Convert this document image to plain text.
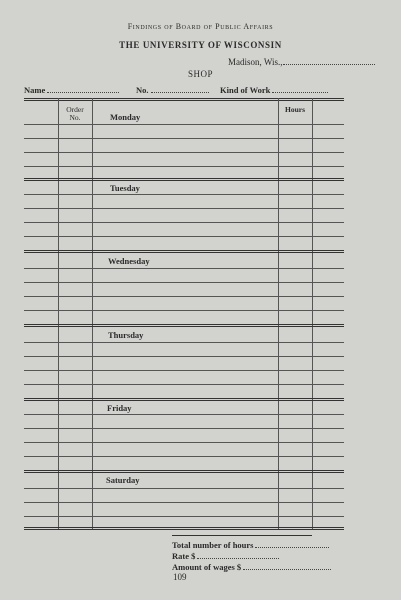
Findings of Board of Public Affairs
THE UNIVERSITY OF WISCONSIN
Madison, Wis.,
SHOP
Name	No.	Kind of Work
Order
No.
Hours
Monday
Tuesday
Wednesday
Thursday
Friday
Saturday
Total number of hours
Rate $
Amount of wages $
109
